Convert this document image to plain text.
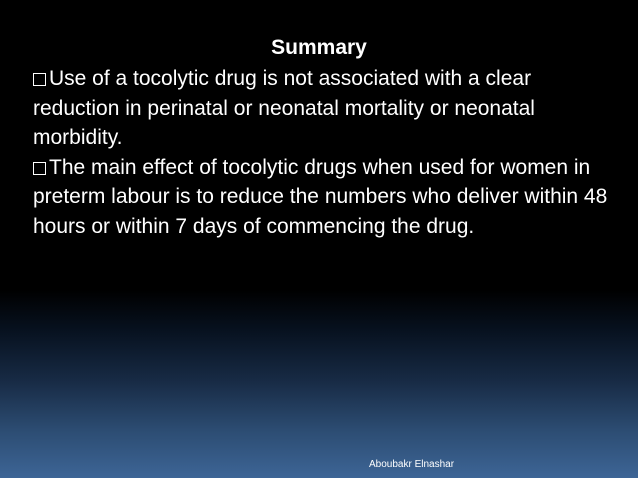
Summary

Use of a tocolytic drug is not associated with a clear reduction in perinatal or neonatal mortality or neonatal morbidity.

The main effect of tocolytic drugs when used for women in preterm labour is to reduce the numbers who deliver within 48 hours or within 7 days of commencing the drug.

Aboubakr Elnashar
